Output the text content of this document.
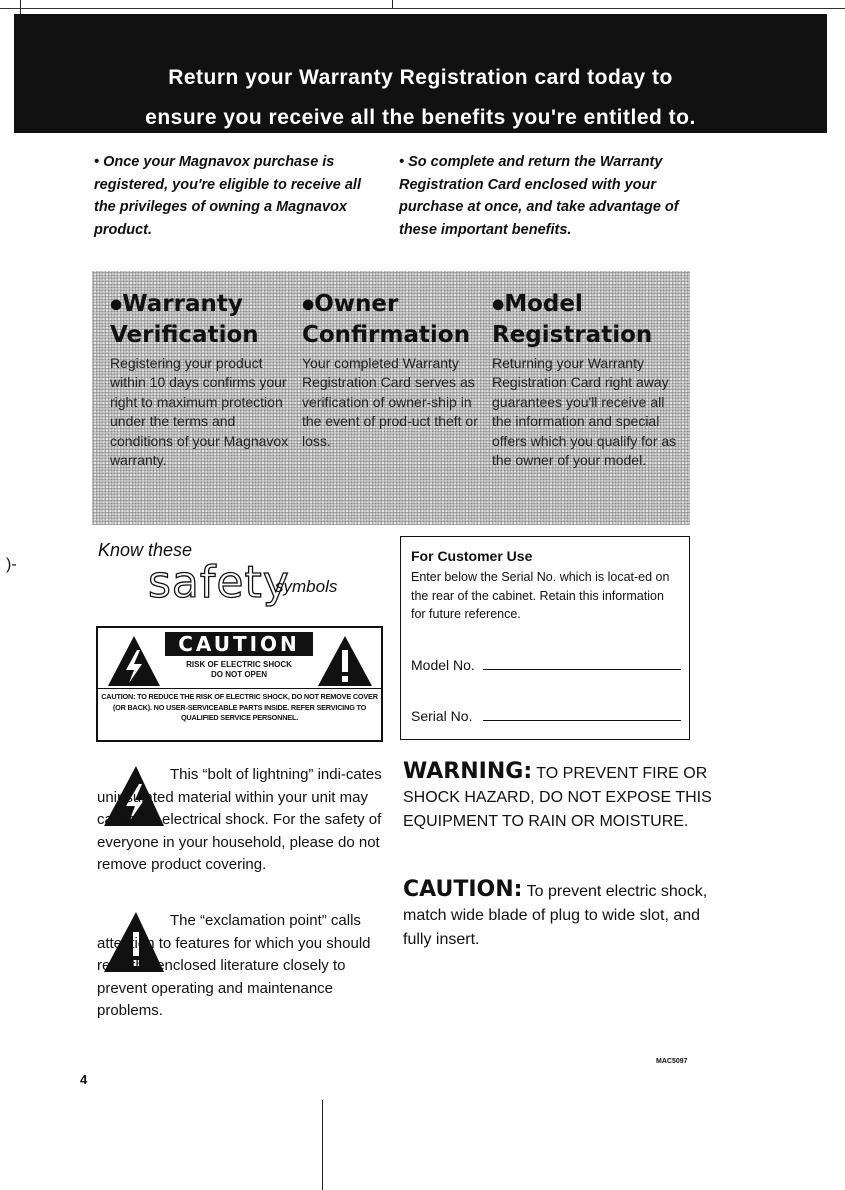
Return your Warranty Registration card today to
ensure you receive all the benefits you're entitled to.
• Once your Magnavox purchase is registered, you're eligible to receive all the privileges of owning a Magnavox product.
• So complete and return the Warranty Registration Card enclosed with your purchase at once, and take advantage of these important benefits.
●Warranty
Verification
Registering your product within 10 days confirms your right to maximum protection under the terms and conditions of your Magnavox warranty.
●Owner
Confirmation
Your completed Warranty Registration Card serves as verification of owner-ship in the event of prod-uct theft or loss.
●Model
Registration
Returning your Warranty Registration Card right away guarantees you'll receive all the information and special offers which you qualify for as the owner of your model.
)‐
Know these
safety
symbols
CAUTION
RISK OF ELECTRIC SHOCK
DO NOT OPEN
CAUTION: TO REDUCE THE RISK OF ELECTRIC SHOCK, DO NOT REMOVE COVER (OR BACK). NO USER-SERVICEABLE PARTS INSIDE. REFER SERVICING TO QUALIFIED SERVICE PERSONNEL.
For Customer Use
Enter below the Serial No. which is locat-ed on the rear of the cabinet. Retain this information for future reference.
Model No.
Serial No.
This “bolt of lightning” indi-cates uninsulated material within your unit may cause an electrical shock. For the safety of everyone in your household, please do not remove product covering.
The “exclamation point” calls attention to features for which you should read the enclosed literature closely to prevent operating and maintenance problems.
WARNING: TO PREVENT FIRE OR SHOCK HAZARD, DO NOT EXPOSE THIS EQUIPMENT TO RAIN OR MOISTURE.
CAUTION: To prevent electric shock, match wide blade of plug to wide slot, and fully insert.
4
MAC5097
